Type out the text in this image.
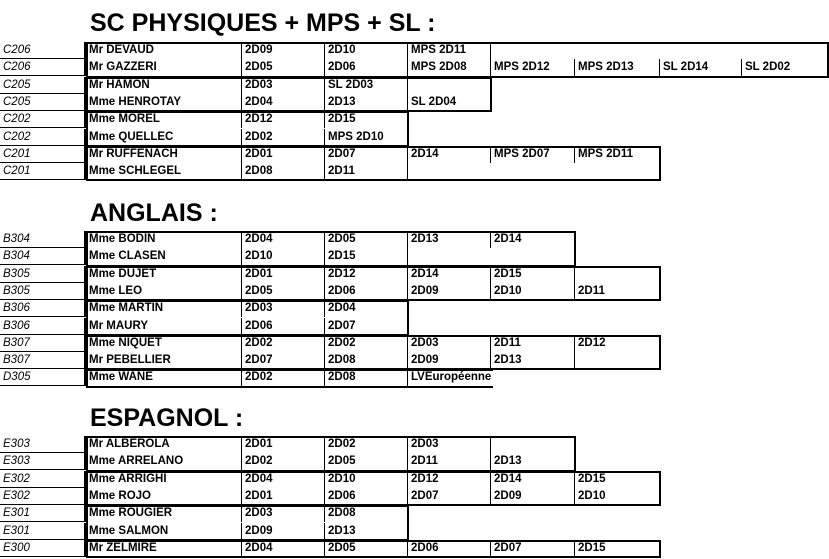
SC PHYSIQUES + MPS + SL :
C206	Mr DEVAUD	2D09	2D10	MPS 2D11
C206	Mr GAZZERI	2D05	2D06	MPS 2D08	MPS 2D12	MPS 2D13	SL 2D14	SL 2D02
C205	Mr HAMON	2D03	SL 2D03
C205	Mme HENROTAY	2D04	2D13	SL 2D04
C202	Mme MOREL	2D12	2D15
C202	Mme QUELLEC	2D02	MPS 2D10
C201	Mr RUFFENACH	2D01	2D07	2D14	MPS 2D07	MPS 2D11
C201	Mme SCHLEGEL	2D08	2D11
ANGLAIS :
B304	Mme BODIN	2D04	2D05	2D13	2D14
B304	Mme CLASEN	2D10	2D15
B305	Mme DUJET	2D01	2D12	2D14	2D15
B305	Mme LEO	2D05	2D06	2D09	2D10	2D11
B306	Mme MARTIN	2D03	2D04
B306	Mr MAURY	2D06	2D07
B307	Mme NIQUET	2D02	2D02	2D03	2D11	2D12
B307	Mr PEBELLIER	2D07	2D08	2D09	2D13
D305	Mme WANE	2D02	2D08	LVEuropéenne
ESPAGNOL :
E303	Mr ALBEROLA	2D01	2D02	2D03
E303	Mme ARRELANO	2D02	2D05	2D11	2D13
E302	Mme ARRIGHI	2D04	2D10	2D12	2D14	2D15
E302	Mme ROJO	2D01	2D06	2D07	2D09	2D10
E301	Mme ROUGIER	2D03	2D08
E301	Mme SALMON	2D09	2D13
E300	Mr ZELMIRE	2D04	2D05	2D06	2D07	2D15
